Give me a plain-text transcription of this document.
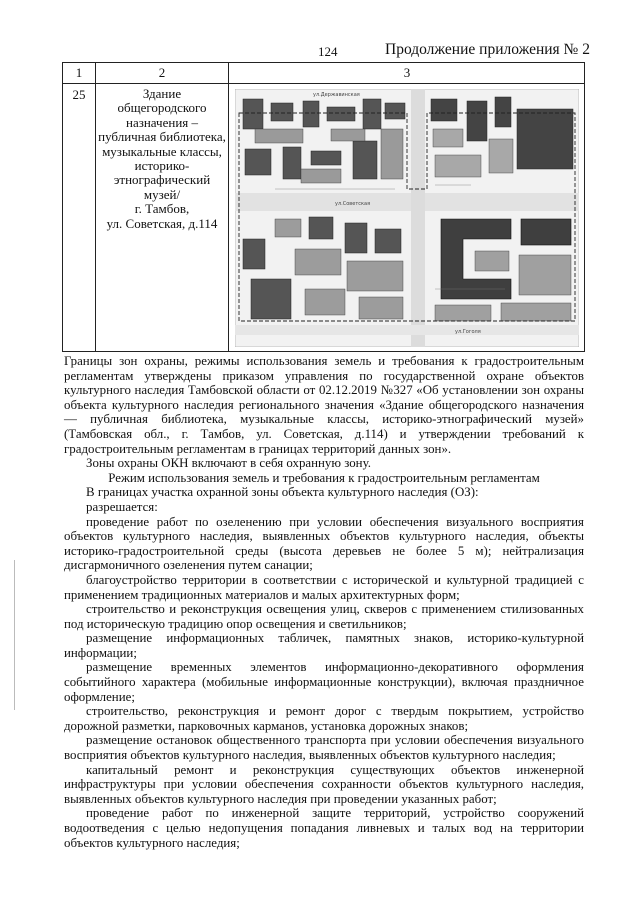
124	Продолжение приложения № 2
1	2	3
25	Здание
общегородского
назначения –
публичная библиотека,
музыкальные классы,
историко-
этнографический
музей/
г. Тамбов,
ул. Советская, д.114
ул.Державинская
ул.Советская
ул.Гоголя

Границы зон охраны, режимы использования земель и требования к градостроительным регламентам утверждены приказом управления по государственной охране объектов культурного наследия Тамбовской области от 02.12.2019 №327 «Об установлении зон охраны объекта культурного наследия регионального значения «Здание общегородского назначения — публичная библиотека, музыкальные классы, историко-этнографический музей» (Тамбовская обл., г. Тамбов, ул. Советская, д.114) и утверждении требований к градостроительным регламентам в границах территорий данных зон».

Зоны охраны ОКН включают в себя охранную зону.

Режим использования земель и требования к градостроительным регламентам

В границах участка охранной зоны объекта культурного наследия (ОЗ):

разрешается:

проведение работ по озеленению при условии обеспечения визуального восприятия объектов культурного наследия, выявленных объектов культурного наследия, объекты историко-градостроительной среды (высота деревьев не более 5 м); нейтрализация дисгармоничного озеленения путем санации;

благоустройство территории в соответствии с исторической и культурной традицией с применением традиционных материалов и малых архитектурных форм;

строительство и реконструкция освещения улиц, скверов с применением стилизованных под историческую традицию опор освещения и светильников;

размещение информационных табличек, памятных знаков, историко-культурной информации;

размещение временных элементов информационно-декоративного оформления событийного характера (мобильные информационные конструкции), включая праздничное оформление;

строительство, реконструкция и ремонт дорог с твердым покрытием, устройство дорожной разметки, парковочных карманов, установка дорожных знаков;

размещение остановок общественного транспорта при условии обеспечения визуального восприятия объектов культурного наследия, выявленных объектов культурного наследия;

капитальный ремонт и реконструкция существующих объектов инженерной инфраструктуры при условии обеспечения сохранности объектов культурного наследия, выявленных объектов культурного наследия при проведении указанных работ;

проведение работ по инженерной защите территорий, устройство сооружений водоотведения с целью недопущения попадания ливневых и талых вод на территории объектов культурного наследия;
